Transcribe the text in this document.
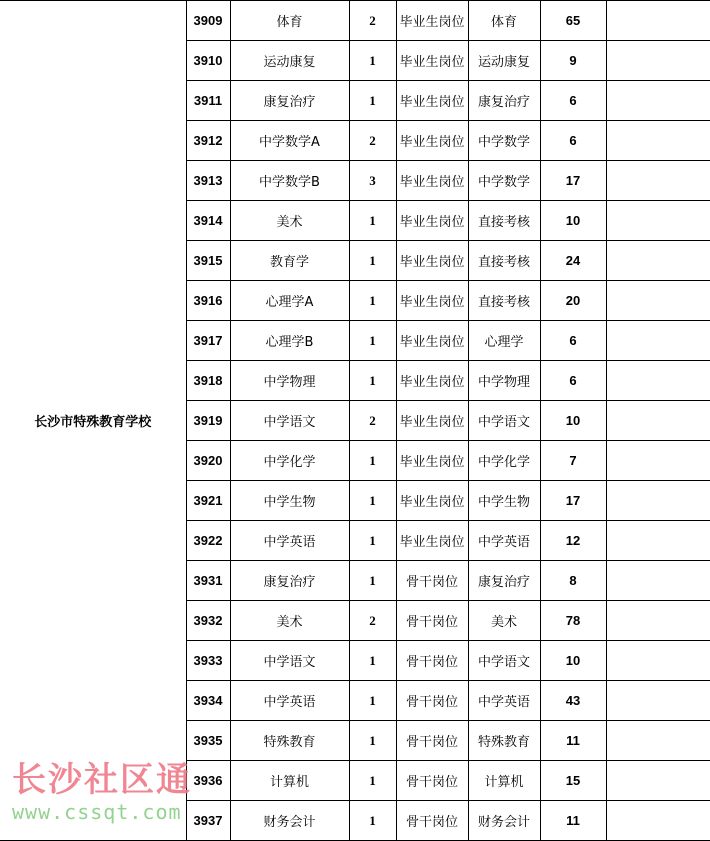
长沙市特殊教育学校	3909	体育	2	毕业生岗位	体育	65	
	3910	运动康复	1	毕业生岗位	运动康复	9	
	3911	康复治疗	1	毕业生岗位	康复治疗	6	
	3912	中学数学A	2	毕业生岗位	中学数学	6	
	3913	中学数学B	3	毕业生岗位	中学数学	17	
	3914	美术	1	毕业生岗位	直接考核	10	
	3915	教育学	1	毕业生岗位	直接考核	24	
	3916	心理学A	1	毕业生岗位	直接考核	20	
	3917	心理学B	1	毕业生岗位	心理学	6	
	3918	中学物理	1	毕业生岗位	中学物理	6	
	3919	中学语文	2	毕业生岗位	中学语文	10	
	3920	中学化学	1	毕业生岗位	中学化学	7	
	3921	中学生物	1	毕业生岗位	中学生物	17	
	3922	中学英语	1	毕业生岗位	中学英语	12	
	3931	康复治疗	1	骨干岗位	康复治疗	8	
	3932	美术	2	骨干岗位	美术	78	
	3933	中学语文	1	骨干岗位	中学语文	10	
	3934	中学英语	1	骨干岗位	中学英语	43	
	3935	特殊教育	1	骨干岗位	特殊教育	11	
	3936	计算机	1	骨干岗位	计算机	15	
	3937	财务会计	1	骨干岗位	财务会计	11	
长沙社区通
www.cssqt.com
